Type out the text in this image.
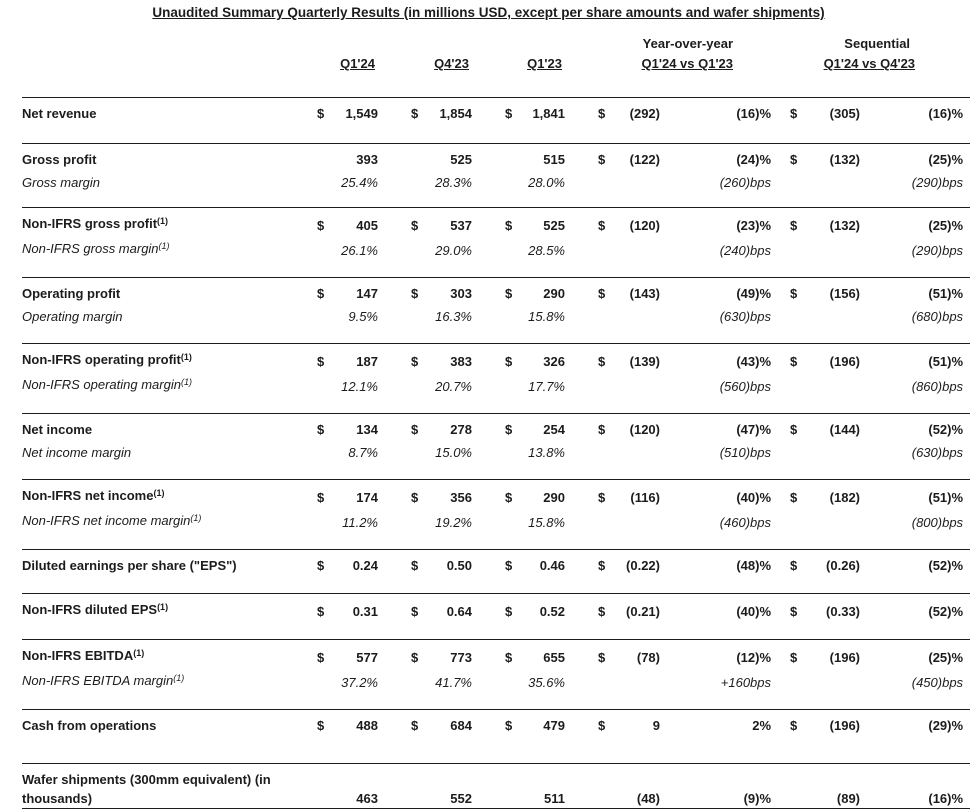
Unaudited Summary Quarterly Results (in millions USD, except per share amounts and wafer shipments)
							Year-over-year			Sequential		
	Q1'24		Q4'23		Q1'23		Q1'24 vs Q1'23			Q1'24 vs Q4'23		
Net revenue	$	1,549	$	1,854	$	1,841	$	(292)	(16)%	$	(305)	(16)%
Gross profit		393		525		515	$	(122)	(24)%	$	(132)	(25)%
Gross margin		25.4%		28.3%		28.0%			(260)bps			(290)bps
Non-IFRS gross profit$^{(1)}$	$	405	$	537	$	525	$	(120)	(23)%	$	(132)	(25)%
Non-IFRS gross margin$^{(1)}$		26.1%		29.0%		28.5%			(240)bps			(290)bps
Operating profit	$	147	$	303	$	290	$	(143)	(49)%	$	(156)	(51)%
Operating margin		9.5%		16.3%		15.8%			(630)bps			(680)bps
Non-IFRS operating profit$^{(1)}$	$	187	$	383	$	326	$	(139)	(43)%	$	(196)	(51)%
Non-IFRS operating margin$^{(1)}$		12.1%		20.7%		17.7%			(560)bps			(860)bps
Net income	$	134	$	278	$	254	$	(120)	(47)%	$	(144)	(52)%
Net income margin		8.7%		15.0%		13.8%			(510)bps			(630)bps
Non-IFRS net income$^{(1)}$	$	174	$	356	$	290	$	(116)	(40)%	$	(182)	(51)%
Non-IFRS net income margin$^{(1)}$		11.2%		19.2%		15.8%			(460)bps			(800)bps
Diluted earnings per share ("EPS")	$	0.24	$	0.50	$	0.46	$	(0.22)	(48)%	$	(0.26)	(52)%
Non-IFRS diluted EPS$^{(1)}$	$	0.31	$	0.64	$	0.52	$	(0.21)	(40)%	$	(0.33)	(52)%
Non-IFRS EBITDA$^{(1)}$	$	577	$	773	$	655	$	(78)	(12)%	$	(196)	(25)%
Non-IFRS EBITDA margin$^{(1)}$		37.2%		41.7%		35.6%			+160bps			(450)bps
Cash from operations	$	488	$	684	$	479	$	9	2%	$	(196)	(29)%
Wafer shipments (300mm equivalent) (in thousands)		463		552		511		(48)	(9)%		(89)	(16)%
